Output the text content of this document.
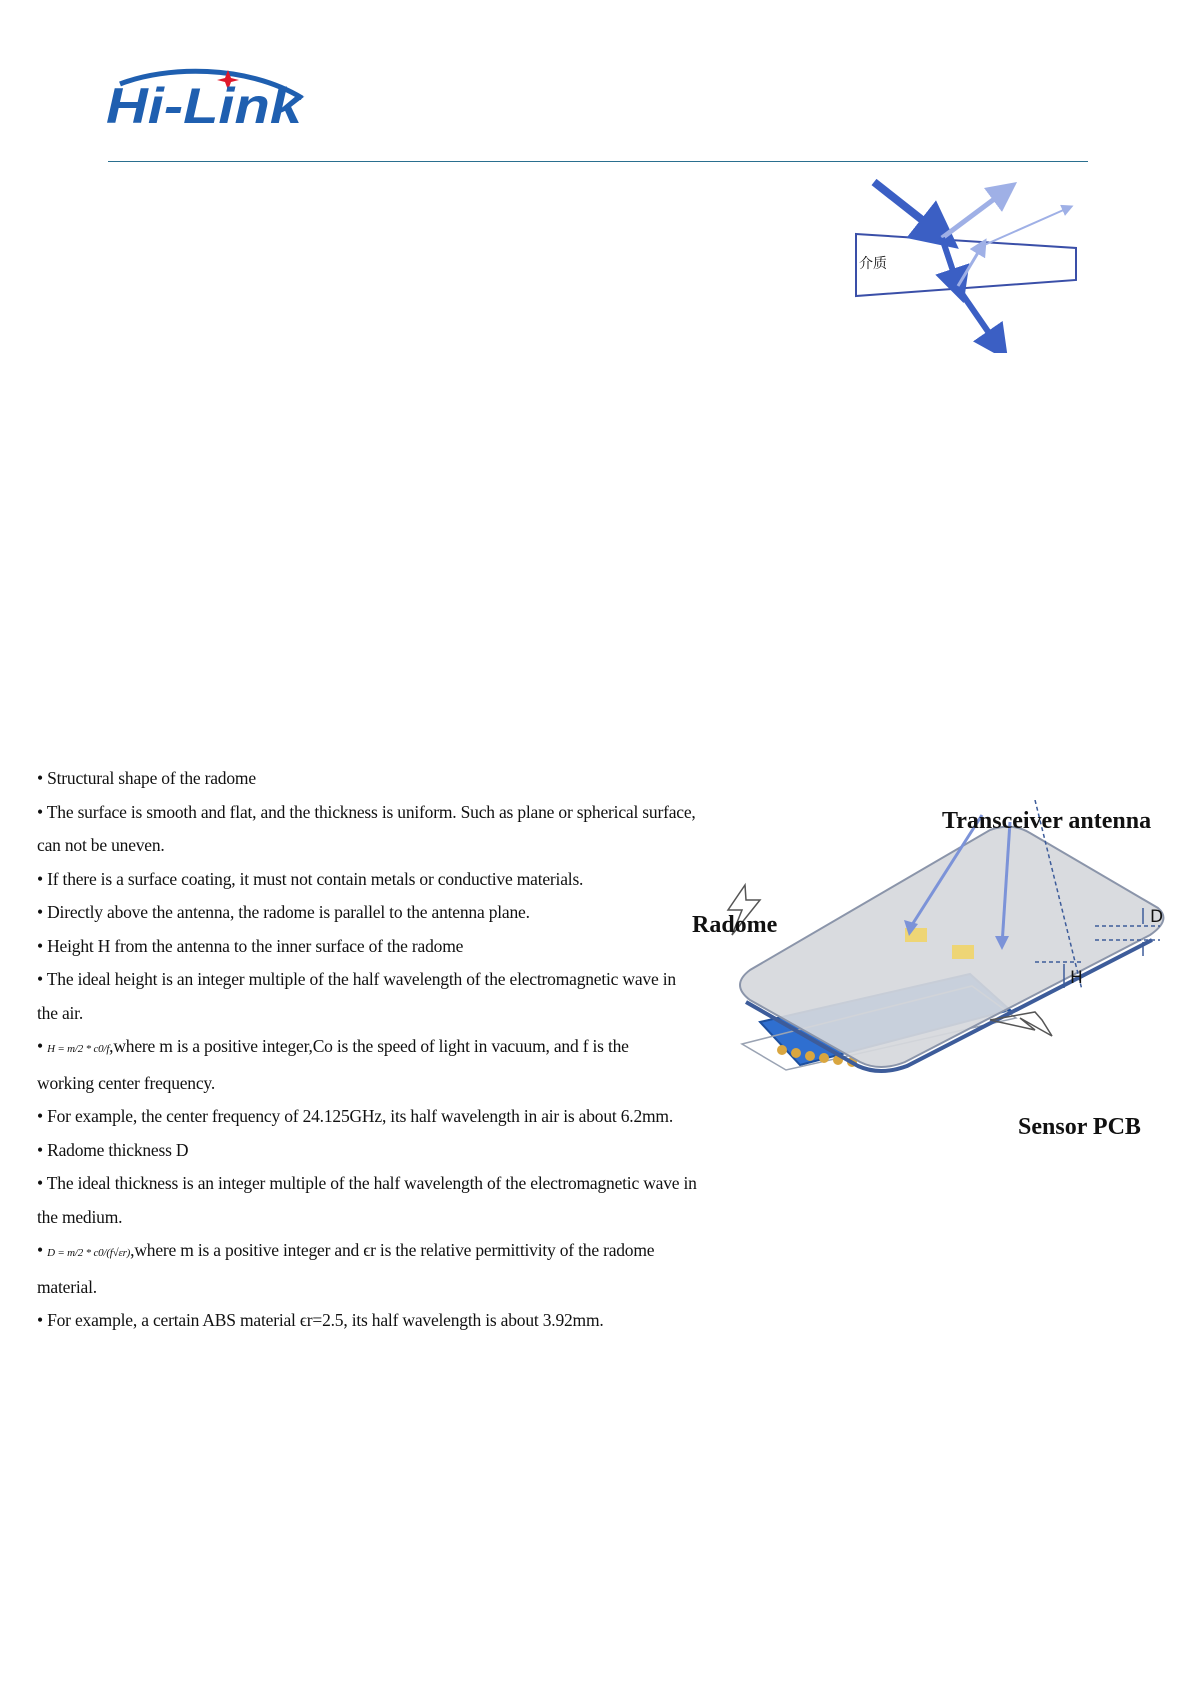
Hi-Link
介质
• Structural shape of the radome
• The surface is smooth and flat, and the thickness is uniform. Such as plane or spherical surface,
can not be uneven.
• If there is a surface coating, it must not contain metals or conductive materials.
• Directly above the antenna, the radome is parallel to the antenna plane.
• Height H from the antenna to the inner surface of the radome
• The ideal height is an integer multiple of the half wavelength of the electromagnetic wave in
the air.
• H = m/2 * c0/f,where m is a positive integer,Co is the speed of light in vacuum, and f is the
working center frequency.
• For example, the center frequency of 24.125GHz, its half wavelength in air is about 6.2mm.
• Radome thickness D
• The ideal thickness is an integer multiple of the half wavelength of the electromagnetic wave in
the medium.
• D = m/2 * c0/(f√εr),where m is a positive integer and ϵr is the relative permittivity of the radome
material.
• For example, a certain ABS material ϵr=2.5, its half wavelength is about 3.92mm.
D
H
Transceiver antenna
Radome
Sensor PCB
